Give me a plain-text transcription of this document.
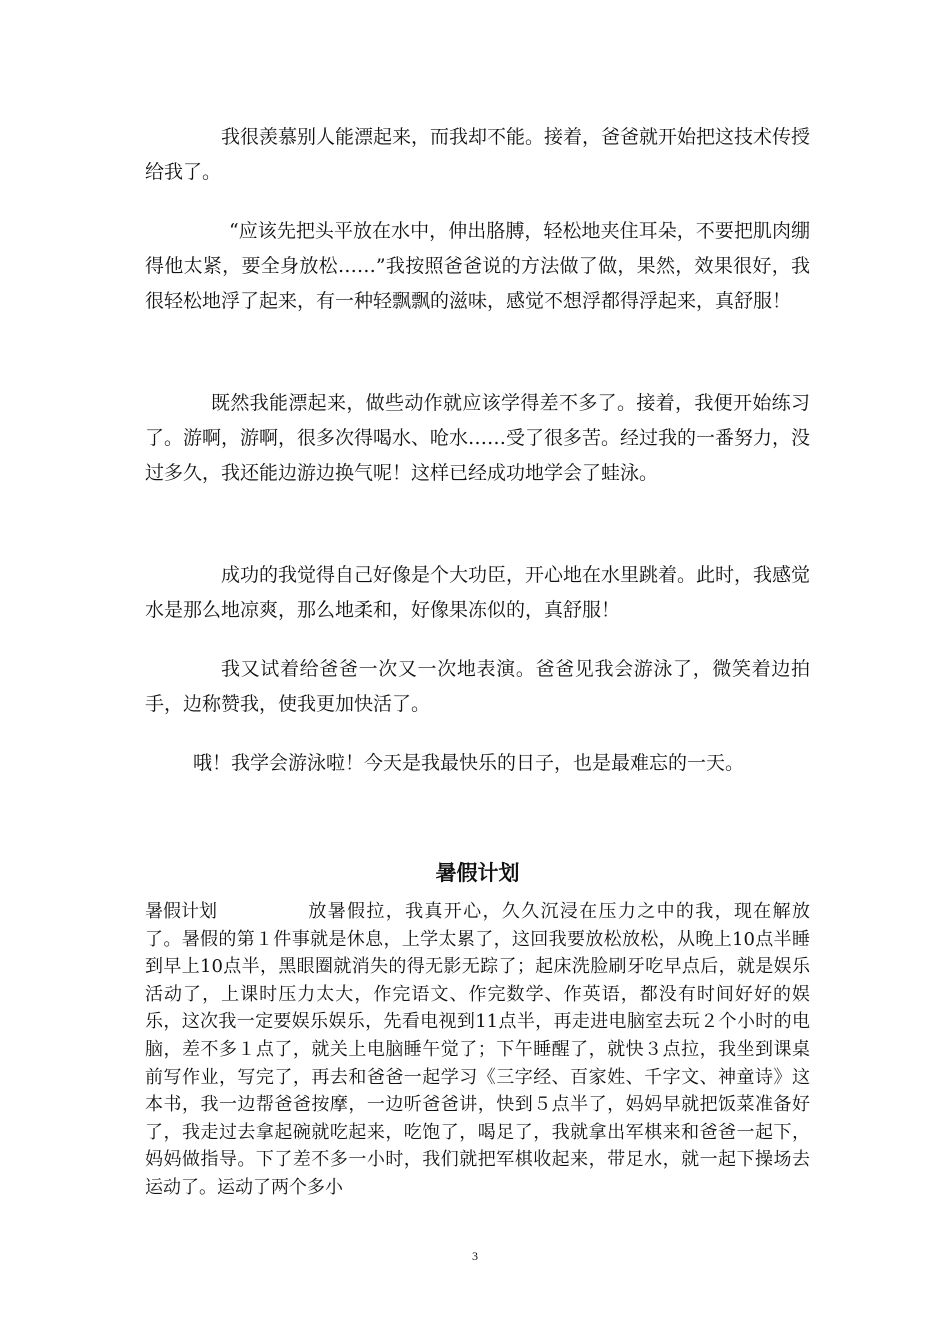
我很羡慕别人能漂起来，而我却不能。接着，爸爸就开始把这技术传授给我了。

“应该先把头平放在水中，伸出胳膊，轻松地夹住耳朵，不要把肌肉绷得他太紧，要全身放松……”我按照爸爸说的方法做了做，果然，效果很好，我很轻松地浮了起来，有一种轻飘飘的滋味，感觉不想浮都得浮起来，真舒服！

既然我能漂起来，做些动作就应该学得差不多了。接着，我便开始练习了。游啊，游啊，很多次得喝水、呛水……受了很多苦。经过我的一番努力，没过多久，我还能边游边换气呢！这样已经成功地学会了蛙泳。

成功的我觉得自己好像是个大功臣，开心地在水里跳着。此时，我感觉水是那么地凉爽，那么地柔和，好像果冻似的，真舒服！

我又试着给爸爸一次又一次地表演。爸爸见我会游泳了，微笑着边拍手，边称赞我，使我更加快活了。

哦！我学会游泳啦！今天是我最快乐的日子，也是最难忘的一天。

暑假计划

暑假计划	放暑假拉，我真开心，久久沉浸在压力之中的我，现在解放了。暑假的第１件事就是休息，上学太累了，这回我要放松放松，从晚上10点半睡到早上10点半，黑眼圈就消失的得无影无踪了；起床洗脸刷牙吃早点后，就是娱乐活动了，上课时压力太大，作完语文、作完数学、作英语，都没有时间好好的娱乐，这次我一定要娱乐娱乐，先看电视到11点半，再走进电脑室去玩２个小时的电脑，差不多１点了，就关上电脑睡午觉了；下午睡醒了，就快３点拉，我坐到课桌前写作业，写完了，再去和爸爸一起学习《三字经、百家姓、千字文、神童诗》这本书，我一边帮爸爸按摩，一边听爸爸讲，快到５点半了，妈妈早就把饭菜准备好了，我走过去拿起碗就吃起来，吃饱了，喝足了，我就拿出军棋来和爸爸一起下，妈妈做指导。下了差不多一小时，我们就把军棋收起来，带足水，就一起下操场去运动了。运动了两个多小

3
